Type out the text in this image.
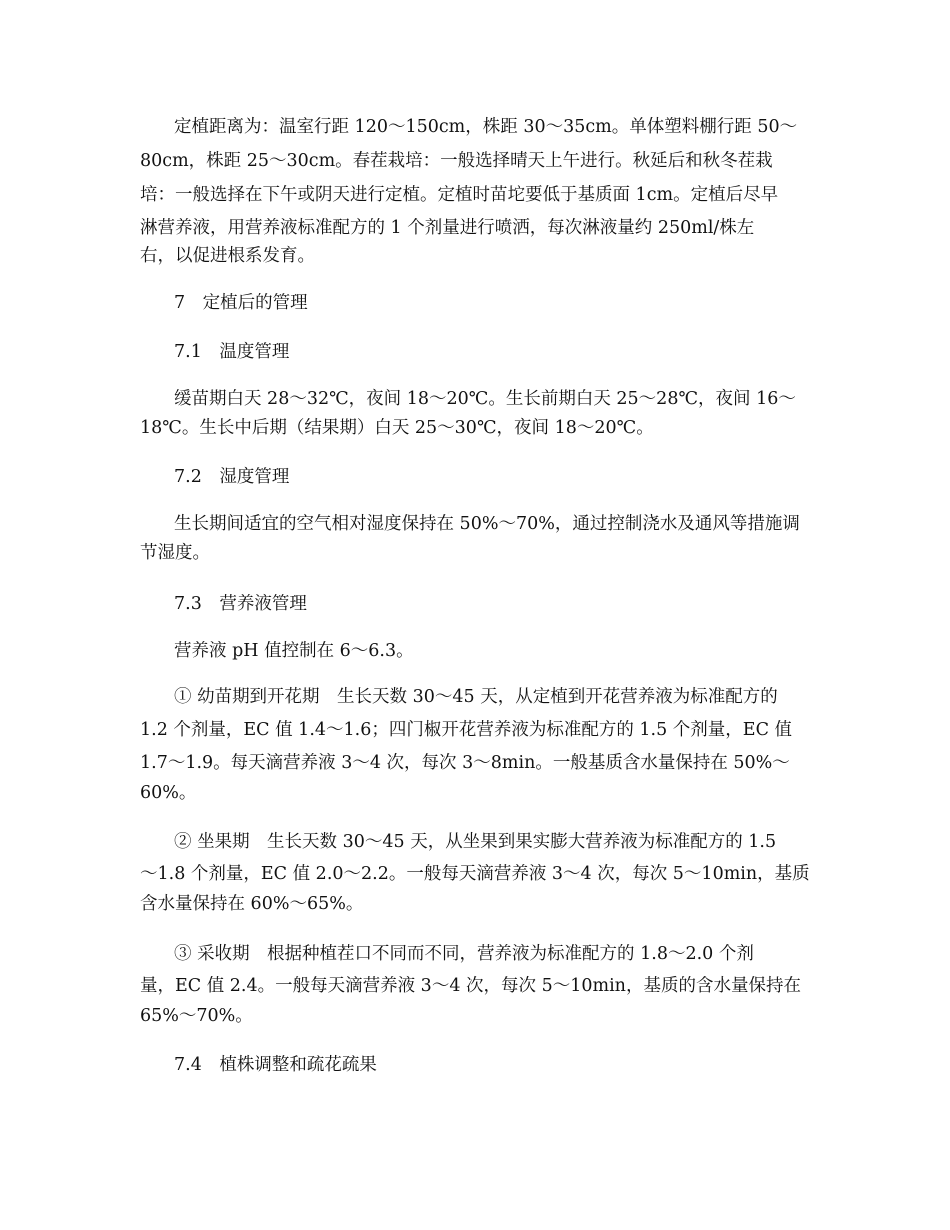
定植距离为：温室行距 120～150cm，株距 30～35cm。单体塑料棚行距 50～
80cm，株距 25～30cm。春茬栽培：一般选择晴天上午进行。秋延后和秋冬茬栽
培：一般选择在下午或阴天进行定植。定植时苗坨要低于基质面 1cm。定植后尽早
淋营养液，用营养液标准配方的 1 个剂量进行喷洒，每次淋液量约 250ml/株左
右，以促进根系发育。
7　定植后的管理
7.1　温度管理
缓苗期白天 28～32℃，夜间 18～20℃。生长前期白天 25～28℃，夜间 16～
18℃。生长中后期（结果期）白天 25～30℃，夜间 18～20℃。
7.2　湿度管理
生长期间适宜的空气相对湿度保持在 50%～70%，通过控制浇水及通风等措施调
节湿度。
7.3　营养液管理
营养液 pH 值控制在 6～6.3。
① 幼苗期到开花期　生长天数 30～45 天，从定植到开花营养液为标准配方的
1.2 个剂量，EC 值 1.4～1.6；四门椒开花营养液为标准配方的 1.5 个剂量，EC 值
1.7～1.9。每天滴营养液 3～4 次，每次 3～8min。一般基质含水量保持在 50%～
60%。
② 坐果期　生长天数 30～45 天，从坐果到果实膨大营养液为标准配方的 1.5
～1.8 个剂量，EC 值 2.0～2.2。一般每天滴营养液 3～4 次，每次 5～10min，基质
含水量保持在 60%～65%。
③ 采收期　根据种植茬口不同而不同，营养液为标准配方的 1.8～2.0 个剂
量，EC 值 2.4。一般每天滴营养液 3～4 次，每次 5～10min，基质的含水量保持在
65%～70%。
7.4　植株调整和疏花疏果
